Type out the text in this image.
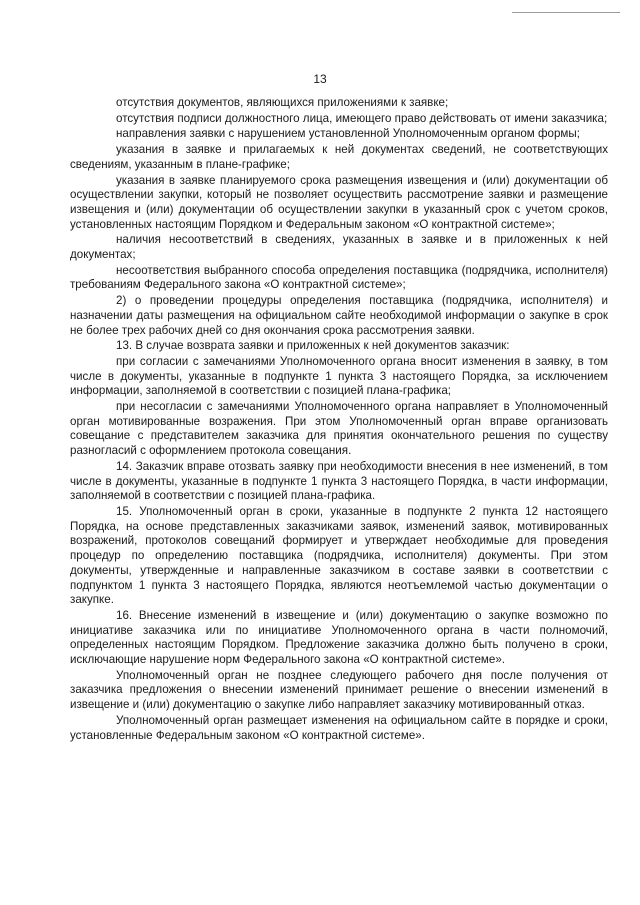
13

отсутствия документов, являющихся приложениями к заявке;

отсутствия подписи должностного лица, имеющего право действовать от имени заказчика;

направления заявки с нарушением установленной Уполномоченным органом формы;

указания в заявке и прилагаемых к ней документах сведений, не соответствующих сведениям, указанным в плане-графике;

указания в заявке планируемого срока размещения извещения и (или) документации об осуществлении закупки, который не позволяет осуществить рассмотрение заявки и размещение извещения и (или) документации об осуществлении закупки в указанный срок с учетом сроков, установленных настоящим Порядком и Федеральным законом «О контрактной системе»;

наличия несоответствий в сведениях, указанных в заявке и в приложенных к ней документах;

несоответствия выбранного способа определения поставщика (подрядчика, исполнителя) требованиям Федерального закона «О контрактной системе»;

2) о проведении процедуры определения поставщика (подрядчика, исполнителя) и назначении даты размещения на официальном сайте необходимой информации о закупке в срок не более трех рабочих дней со дня окончания срока рассмотрения заявки.

13. В случае возврата заявки и приложенных к ней документов заказчик:

при согласии с замечаниями Уполномоченного органа вносит изменения в заявку, в том числе в документы, указанные в подпункте 1 пункта 3 настоящего Порядка, за исключением информации, заполняемой в соответствии с позицией плана-графика;

при несогласии с замечаниями Уполномоченного органа направляет в Уполномоченный орган мотивированные возражения. При этом Уполномоченный орган вправе организовать совещание с представителем заказчика для принятия окончательного решения по существу разногласий с оформлением протокола совещания.

14. Заказчик вправе отозвать заявку при необходимости внесения в нее изменений, в том числе в документы, указанные в подпункте 1 пункта 3 настоящего Порядка, в части информации, заполняемой в соответствии с позицией плана-графика.

15. Уполномоченный орган в сроки, указанные в подпункте 2 пункта 12 настоящего Порядка, на основе представленных заказчиками заявок, изменений заявок, мотивированных возражений, протоколов совещаний формирует и утверждает необходимые для проведения процедур по определению поставщика (подрядчика, исполнителя) документы. При этом документы, утвержденные и направленные заказчиком в составе заявки в соответствии с подпунктом 1 пункта 3 настоящего Порядка, являются неотъемлемой частью документации о закупке.

16. Внесение изменений в извещение и (или) документацию о закупке возможно по инициативе заказчика или по инициативе Уполномоченного органа в части полномочий, определенных настоящим Порядком. Предложение заказчика должно быть получено в сроки, исключающие нарушение норм Федерального закона «О контрактной системе».

Уполномоченный орган не позднее следующего рабочего дня после получения от заказчика предложения о внесении изменений принимает решение о внесении изменений в извещение и (или) документацию о закупке либо направляет заказчику мотивированный отказ.

Уполномоченный орган размещает изменения на официальном сайте в порядке и сроки, установленные Федеральным законом «О контрактной системе».
